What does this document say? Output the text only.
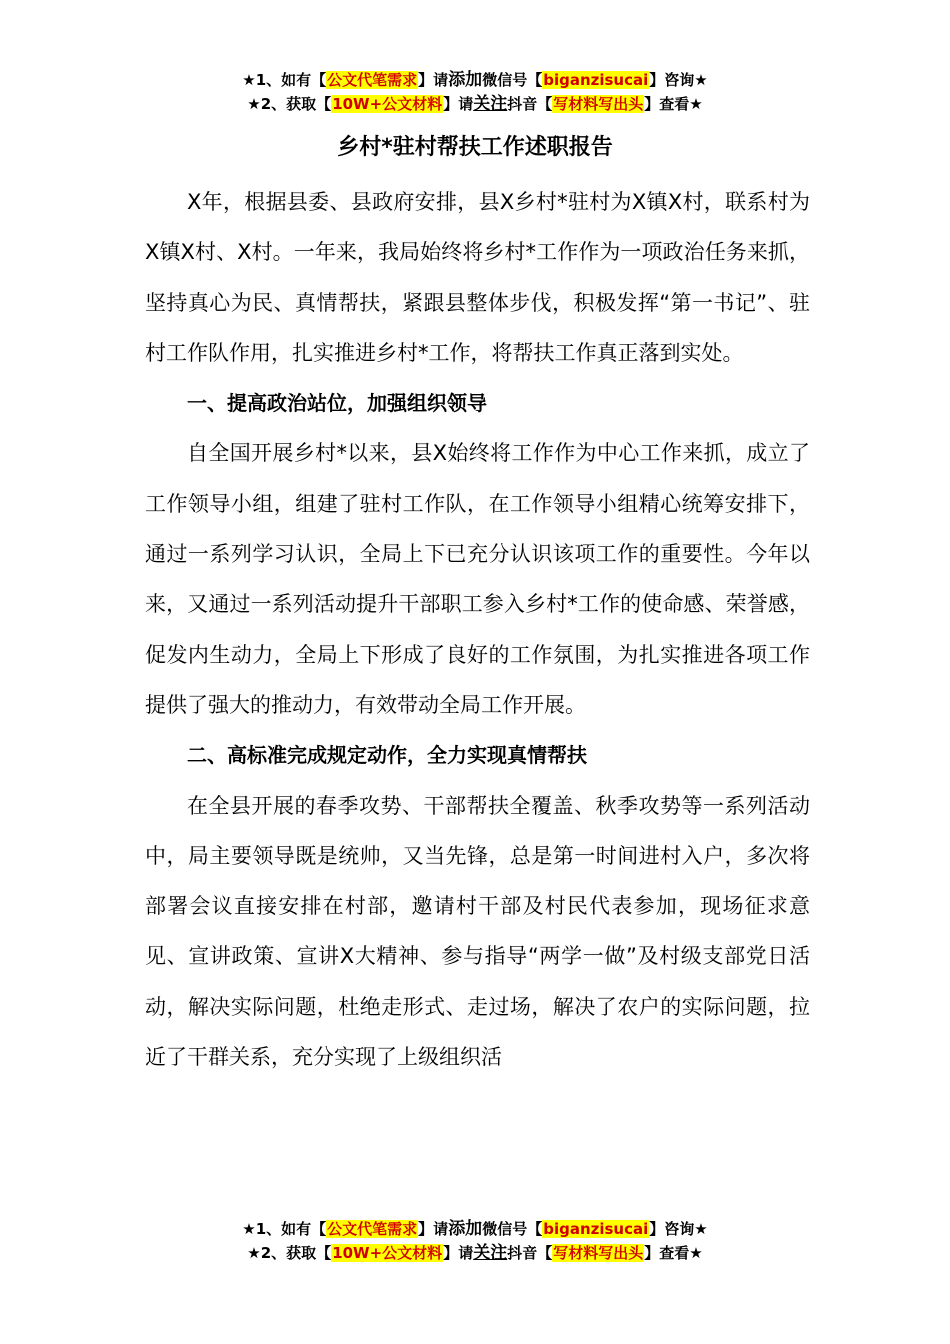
★1、如有【公文代笔需求】请添加微信号【biganzisucai】咨询★
★2、获取【10W+公文材料】请关注抖音【写材料写出头】查看★
乡村*驻村帮扶工作述职报告

X年，根据县委、县政府安排，县X乡村*驻村为X镇X村，联系村为X镇X村、X村。一年来，我局始终将乡村*工作作为一项政治任务来抓，坚持真心为民、真情帮扶，紧跟县整体步伐，积极发挥“第一书记”、驻村工作队作用，扎实推进乡村*工作，将帮扶工作真正落到实处。

一、提高政治站位，加强组织领导

自全国开展乡村*以来，县X始终将工作作为中心工作来抓，成立了工作领导小组，组建了驻村工作队，在工作领导小组精心统筹安排下，通过一系列学习认识，全局上下已充分认识该项工作的重要性。今年以来，又通过一系列活动提升干部职工参入乡村*工作的使命感、荣誉感，促发内生动力，全局上下形成了良好的工作氛围，为扎实推进各项工作提供了强大的推动力，有效带动全局工作开展。

二、高标准完成规定动作，全力实现真情帮扶

在全县开展的春季攻势、干部帮扶全覆盖、秋季攻势等一系列活动中，局主要领导既是统帅，又当先锋，总是第一时间进村入户，多次将部署会议直接安排在村部，邀请村干部及村民代表参加，现场征求意见、宣讲政策、宣讲X大精神、参与指导“两学一做”及村级支部党日活动，解决实际问题，杜绝走形式、走过场，解决了农户的实际问题，拉近了干群关系，充分实现了上级组织活

★1、如有【公文代笔需求】请添加微信号【biganzisucai】咨询★
★2、获取【10W+公文材料】请关注抖音【写材料写出头】查看★
